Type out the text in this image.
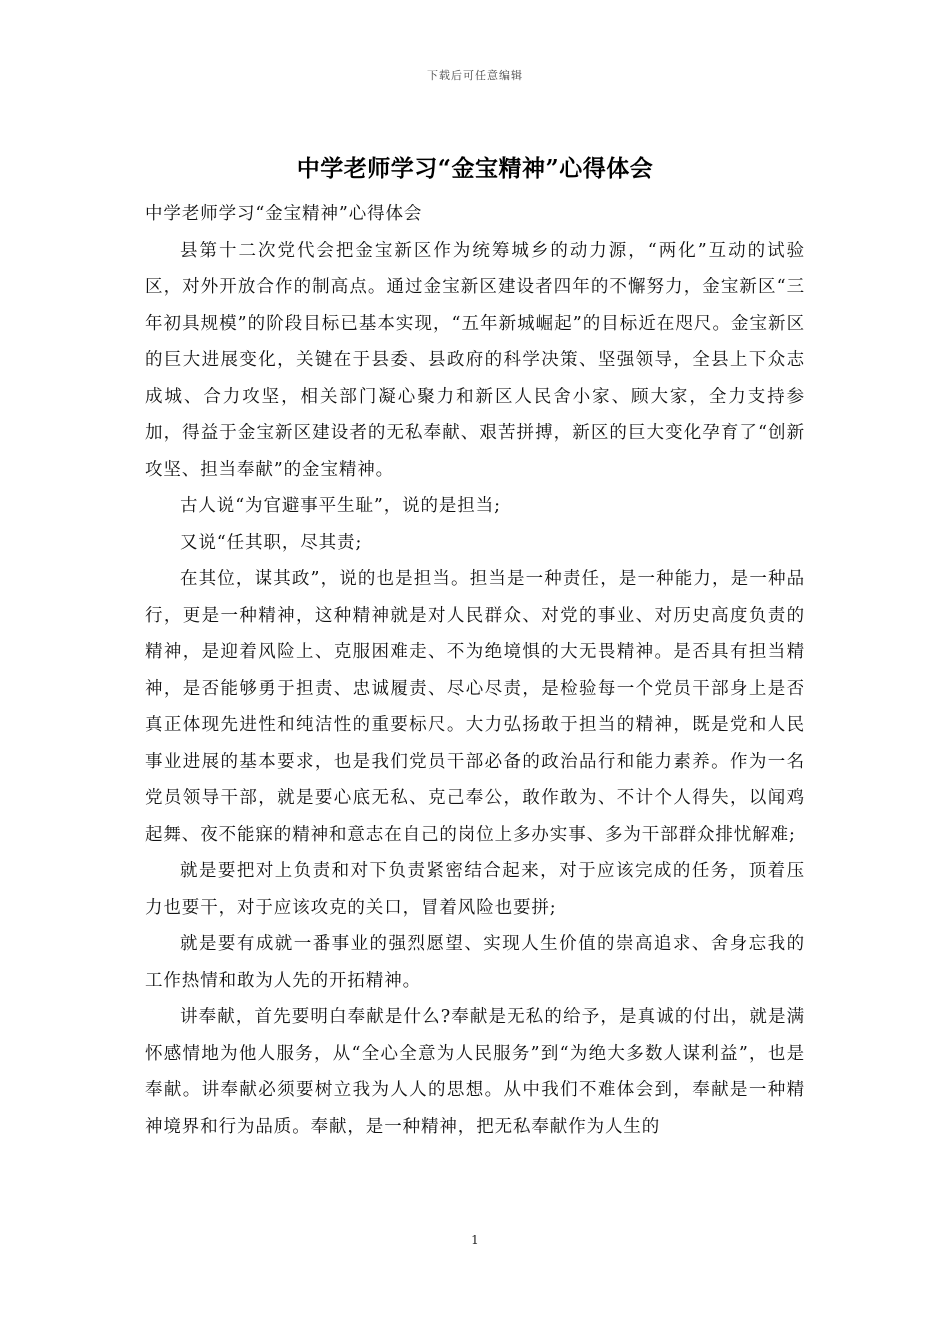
下载后可任意编辑
中学老师学习“金宝精神”心得体会

中学老师学习“金宝精神”心得体会

县第十二次党代会把金宝新区作为统筹城乡的动力源，“两化”互动的试验区，对外开放合作的制高点。通过金宝新区建设者四年的不懈努力，金宝新区“三年初具规模”的阶段目标已基本实现，“五年新城崛起”的目标近在咫尺。金宝新区的巨大进展变化，关键在于县委、县政府的科学决策、坚强领导，全县上下众志成城、合力攻坚，相关部门凝心聚力和新区人民舍小家、顾大家，全力支持参加，得益于金宝新区建设者的无私奉献、艰苦拼搏，新区的巨大变化孕育了“创新攻坚、担当奉献”的金宝精神。

古人说“为官避事平生耻”，说的是担当;

又说“任其职，尽其责;

在其位，谋其政”，说的也是担当。担当是一种责任，是一种能力，是一种品行，更是一种精神，这种精神就是对人民群众、对党的事业、对历史高度负责的精神，是迎着风险上、克服困难走、不为绝境惧的大无畏精神。是否具有担当精神，是否能够勇于担责、忠诚履责、尽心尽责，是检验每一个党员干部身上是否真正体现先进性和纯洁性的重要标尺。大力弘扬敢于担当的精神，既是党和人民事业进展的基本要求，也是我们党员干部必备的政治品行和能力素养。作为一名党员领导干部，就是要心底无私、克己奉公，敢作敢为、不计个人得失，以闻鸡起舞、夜不能寐的精神和意志在自己的岗位上多办实事、多为干部群众排忧解难;

就是要把对上负责和对下负责紧密结合起来，对于应该完成的任务，顶着压力也要干，对于应该攻克的关口，冒着风险也要拼;

就是要有成就一番事业的强烈愿望、实现人生价值的崇高追求、舍身忘我的工作热情和敢为人先的开拓精神。

讲奉献，首先要明白奉献是什么?奉献是无私的给予，是真诚的付出，就是满怀感情地为他人服务，从“全心全意为人民服务”到“为绝大多数人谋利益”，也是奉献。讲奉献必须要树立我为人人的思想。从中我们不难体会到，奉献是一种精神境界和行为品质。奉献，是一种精神，把无私奉献作为人生的

1
